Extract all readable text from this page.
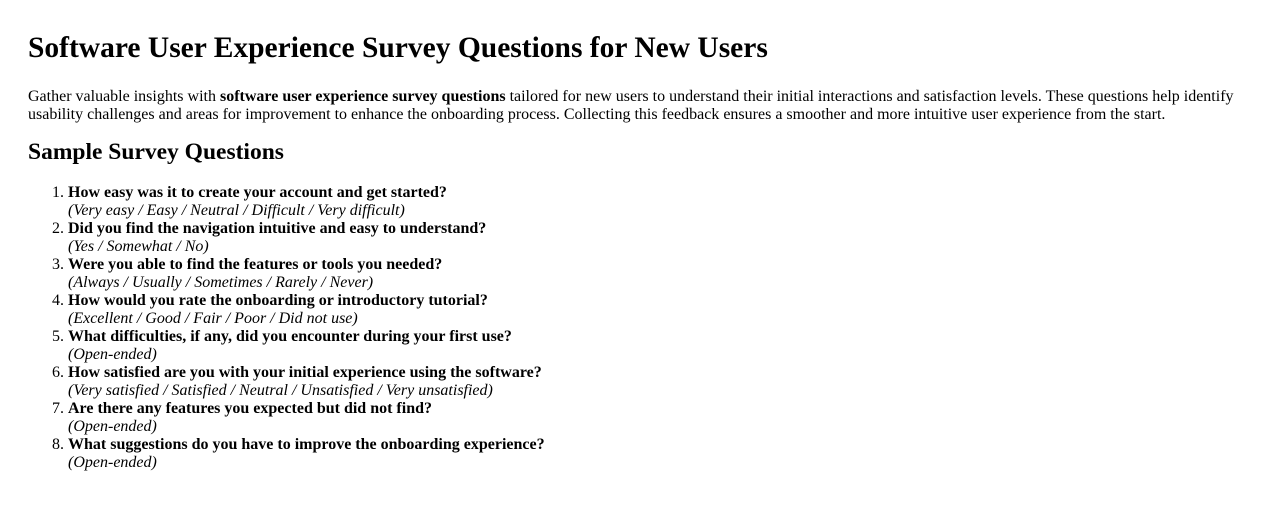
Software User Experience Survey Questions for New Users

Gather valuable insights with software user experience survey questions tailored for new users to understand their initial interactions and satisfaction levels. These questions help identify usability challenges and areas for improvement to enhance the onboarding process. Collecting this feedback ensures a smoother and more intuitive user experience from the start.

Sample Survey Questions
1. How easy was it to create your account and get started?
(Very easy / Easy / Neutral / Difficult / Very difficult)
2. Did you find the navigation intuitive and easy to understand?
(Yes / Somewhat / No)
3. Were you able to find the features or tools you needed?
(Always / Usually / Sometimes / Rarely / Never)
4. How would you rate the onboarding or introductory tutorial?
(Excellent / Good / Fair / Poor / Did not use)
5. What difficulties, if any, did you encounter during your first use?
(Open-ended)
6. How satisfied are you with your initial experience using the software?
(Very satisfied / Satisfied / Neutral / Unsatisfied / Very unsatisfied)
7. Are there any features you expected but did not find?
(Open-ended)
8. What suggestions do you have to improve the onboarding experience?
(Open-ended)
